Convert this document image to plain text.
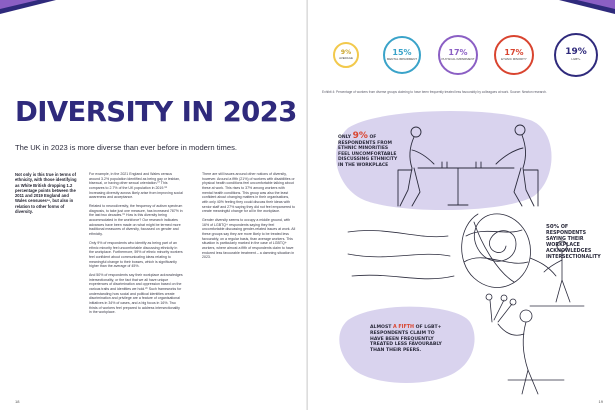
DIVERSITY IN 2023
The UK in 2023 is more diverse than ever before in modern times.
Not only is this true in terms of ethnicity, with those identifying as White British dropping 1.2 percentage points between the 2011 and 2019 England and Wales censuses¹⁶, but also in relation to other forms of diversity.

For example, in the 2021 England and Wales census around 3.2% population identified as being gay or lesbian, bisexual, or having other sexual orientation.¹⁷ This compares to 2.7% of the UK population in 2019.¹⁸ Increasing diversity across likely arise from improving social awareness and acceptance.

Related to neurodiversity, the frequency of autism spectrum diagnosis, to take just one measure, has increased 787% in the last two decades.¹⁹ How is this diversity being accommodated in the workforce? Our research indicates advances have been made on what might be termed more traditional measures of diversity, focussed on gender and ethnicity.

Only 9% of respondents who identify as being part of an ethnic minority feel uncomfortable discussing ethnicity in the workplace. Furthermore, 59% of ethnic minority workers feel confident about communicating ideas relating to meaningful change to their bosses, which is significantly higher than the average of 45%.

And 50% of respondents say their workplace acknowledges intersectionality, or the fact that we all have unique experiences of discrimination and oppression based on the various traits and identities we hold.²⁰ Such frameworks for understanding how social and political identities create discrimination and privilege are a feature of organisational initiatives in 34% of cases, and a big focus in 16%. Two thirds of workers feel prepared to address intersectionality in the workplace.

There are still issues around other notions of diversity, however. Around a fifth (21%) of workers with disabilities or physical health conditions feel uncomfortable talking about these at work. This rises to 37% among workers with mental health conditions. This group was also the least confident about changing matters in their organisations, with only 40% feeling they could discuss their ideas with senior staff and 27% saying they did not feel empowered to create meaningful change for all in the workplace.

Gender diversity seems to occupy a middle ground, with 16% of LGBTQ+ respondents saying they feel uncomfortable discussing gender-related issues at work. All these groups say they are more likely to be treated less favourably, on a regular basis, than average workers. This situation is particularly marked in the case of LGBTQ+ workers, where almost a fifth of respondents claim to have endured less favourable treatment – a damning situation in 2023.

18
9%
AVERAGE
15%
MENTAL IMPAIRMENT
17%
PHYSICAL IMPAIRMENT
17%
ETHNIC MINORITY
19%
LGBT+
Exhibit 4: Percentage of workers from diverse groups claiming to have been frequently treated less favourably by colleagues at work. Source: Newton research.
ONLY 9% OF RESPONDENTS FROM ETHNIC MINORITIES FEEL UNCOMFORTABLE DISCUSSING ETHNICITY IN THE WORKPLACE
50% OF RESPONDENTS SAYING THEIR WORKPLACE ACKNOWLEDGES INTERSECTIONALITY
ALMOST A FIFTH OF LGBT+ RESPONDENTS CLAIM TO HAVE BEEN FREQUENTLY TREATED LESS FAVOURABLY THAN THEIR PEERS.
19
